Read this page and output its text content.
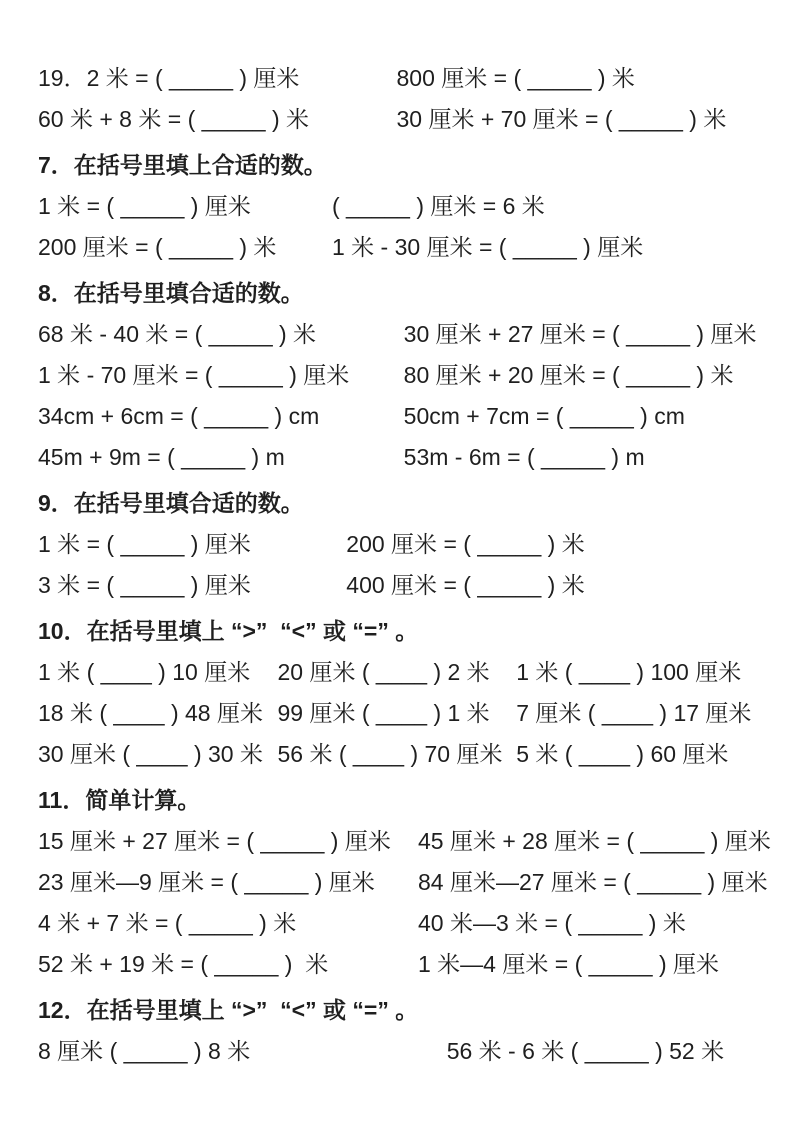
19．2 米 = ( _____ ) 厘米	800 厘米 = ( _____ ) 米
60 米 + 8 米 = ( _____ ) 米	30 厘米 + 70 厘米 = ( _____ ) 米
7．在括号里填上合适的数。
1 米 = ( _____ ) 厘米	( _____ ) 厘米 = 6 米
200 厘米 = ( _____ ) 米	1 米 - 30 厘米 = ( _____ ) 厘米
8．在括号里填合适的数。
68 米 - 40 米 = ( _____ ) 米	30 厘米 + 27 厘米 = ( _____ ) 厘米
1 米 - 70 厘米 = ( _____ ) 厘米	80 厘米 + 20 厘米 = ( _____ ) 米
34cm + 6cm = ( _____ ) cm	50cm + 7cm = ( _____ ) cm
45m + 9m = ( _____ ) m	53m - 6m = ( _____ ) m
9．在括号里填合适的数。
1 米 = ( _____ ) 厘米	200 厘米 = ( _____ ) 米
3 米 = ( _____ ) 厘米	400 厘米 = ( _____ ) 米
10．在括号里填上 “>”  “<” 或 “=” 。
1 米 ( ____ ) 10 厘米	20 厘米 ( ____ ) 2 米	1 米 ( ____ ) 100 厘米
18 米 ( ____ ) 48 厘米 99 厘米 ( ____ ) 1 米	7 厘米 ( ____ ) 17 厘米
30 厘米 ( ____ ) 30 米 56 米 ( ____ ) 70 厘米 5 米 ( ____ ) 60 厘米
11．简单计算。
15 厘米 + 27 厘米 = ( _____ ) 厘米	45 厘米 + 28 厘米 = ( _____ ) 厘米
23 厘米—9 厘米 = ( _____ ) 厘米	84 厘米—27 厘米 = ( _____ ) 厘米
4 米 + 7 米 = ( _____ ) 米	40 米—3 米 = ( _____ ) 米
52 米 + 19 米 = ( _____ )  米	1 米—4 厘米 = ( _____ ) 厘米
12．在括号里填上 “>”  “<” 或 “=” 。
8 厘米 ( _____ ) 8 米	56 米 - 6 米 ( _____ ) 52 米
